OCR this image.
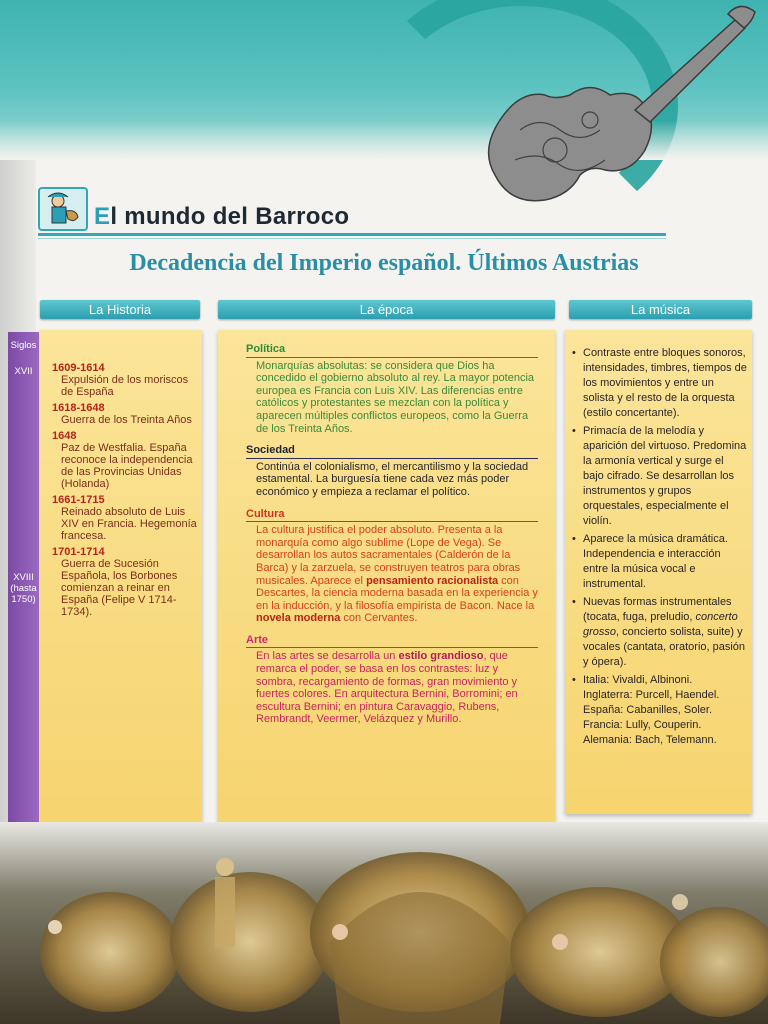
El mundo del Barroco
Decadencia del Imperio español. Últimos Austrias
La Historia	La época	La música
Siglos
XVII
XVIII (hasta 1750)
1609-1614
Expulsión de los moriscos de España
1618-1648
Guerra de los Treinta Años
1648
Paz de Westfalia. España reconoce la independencia de las Provincias Unidas (Holanda)
1661-1715
Reinado absoluto de Luis XIV en Francia. Hegemonía francesa.
1701-1714
Guerra de Sucesión Española, los Borbones comienzan a reinar en España (Felipe V 1714-1734).
Política
Monarquías absolutas: se considera que Dios ha concedido el gobierno absoluto al rey. La mayor potencia europea es Francia con Luis XIV. Las diferencias entre católicos y protestantes se mezclan con la política y aparecen múltiples conflictos europeos, como la Guerra de los Treinta Años.
Sociedad
Continúa el colonialismo, el mercantilismo y la sociedad estamental. La burguesía tiene cada vez más poder económico y empieza a reclamar el político.
Cultura
La cultura justifica el poder absoluto. Presenta a la monarquía como algo sublime (Lope de Vega). Se desarrollan los autos sacramentales (Calderón de la Barca) y la zarzuela, se construyen teatros para obras musicales. Aparece el pensamiento racionalista con Descartes, la ciencia moderna basada en la experiencia y en la inducción, y la filosofía empirista de Bacon. Nace la novela moderna con Cervantes.
Arte
En las artes se desarrolla un estilo grandioso, que remarca el poder, se basa en los contrastes: luz y sombra, recargamiento de formas, gran movimiento y fuertes colores. En arquitectura Bernini, Borromini; en escultura Bernini; en pintura Caravaggio, Rubens, Rembrandt, Veermer, Velázquez y Murillo.
• Contraste entre bloques sonoros, intensidades, timbres, tiempos de los movimientos y entre un solista y el resto de la orquesta (estilo concertante).
• Primacía de la melodía y aparición del virtuoso. Predomina la armonía vertical y surge el bajo cifrado. Se desarrollan los instrumentos y grupos orquestales, especialmente el violín.
• Aparece la música dramática. Independencia e interacción entre la música vocal e instrumental.
• Nuevas formas instrumentales (tocata, fuga, preludio, concerto grosso, concierto solista, suite) y vocales (cantata, oratorio, pasión y ópera).
• Italia: Vivaldi, Albinoni.
Inglaterra: Purcell, Haendel.
España: Cabanilles, Soler.
Francia: Lully, Couperin.
Alemania: Bach, Telemann.
